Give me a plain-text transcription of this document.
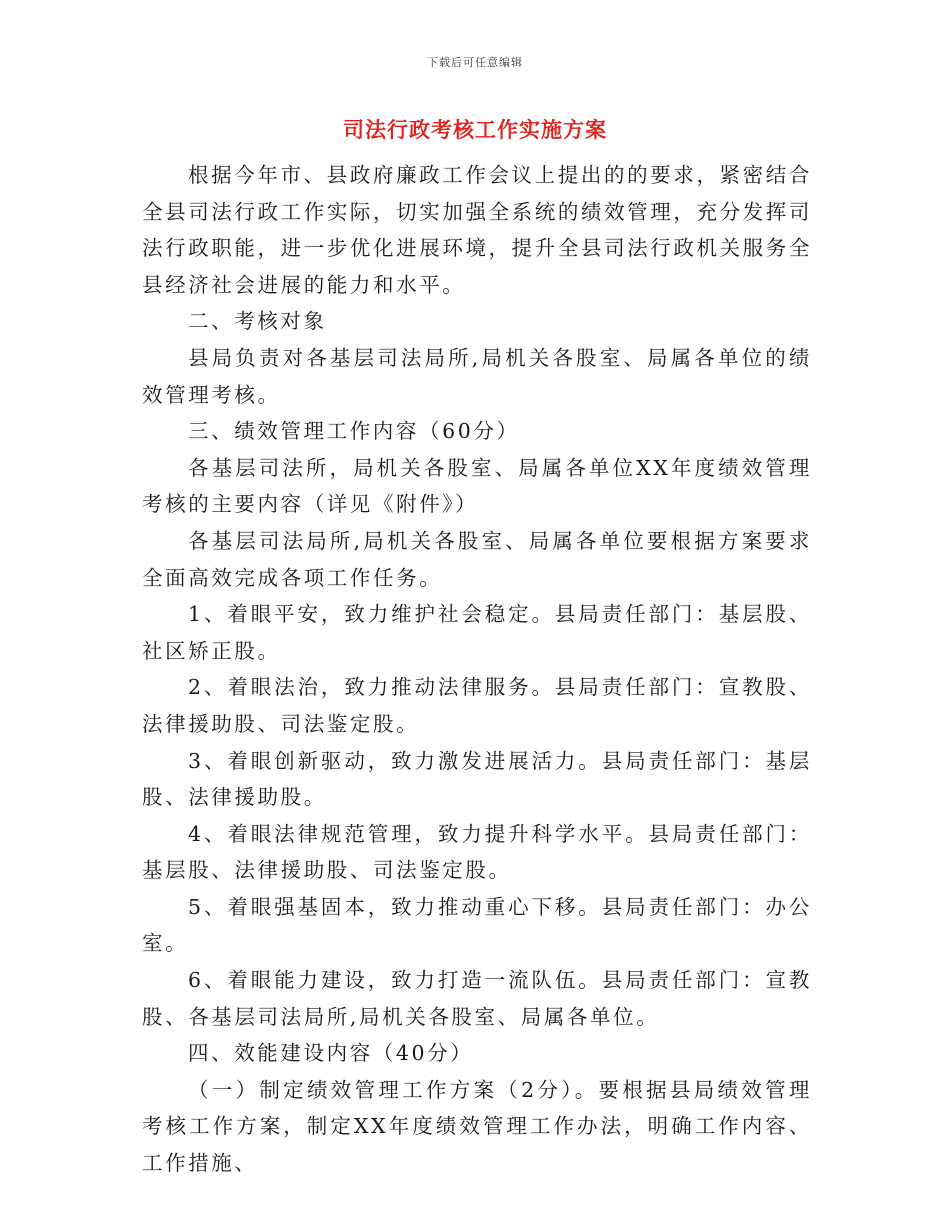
下载后可任意编辑
司法行政考核工作实施方案

根据今年市、县政府廉政工作会议上提出的的要求，紧密结合全县司法行政工作实际，切实加强全系统的绩效管理，充分发挥司法行政职能，进一步优化进展环境，提升全县司法行政机关服务全县经济社会进展的能力和水平。

二、考核对象

县局负责对各基层司法局所,局机关各股室、局属各单位的绩效管理考核。

三、绩效管理工作内容（60分）

各基层司法所，局机关各股室、局属各单位XX年度绩效管理考核的主要内容（详见《附件》）

各基层司法局所,局机关各股室、局属各单位要根据方案要求全面高效完成各项工作任务。

1、着眼平安，致力维护社会稳定。县局责任部门：基层股、社区矫正股。

2、着眼法治，致力推动法律服务。县局责任部门：宣教股、法律援助股、司法鉴定股。

3、着眼创新驱动，致力激发进展活力。县局责任部门：基层股、法律援助股。

4、着眼法律规范管理，致力提升科学水平。县局责任部门：基层股、法律援助股、司法鉴定股。

5、着眼强基固本，致力推动重心下移。县局责任部门：办公室。

6、着眼能力建设，致力打造一流队伍。县局责任部门：宣教股、各基层司法局所,局机关各股室、局属各单位。

四、效能建设内容（40分）

（一）制定绩效管理工作方案（2分）。要根据县局绩效管理考核工作方案，制定XX年度绩效管理工作办法，明确工作内容、工作措施、
